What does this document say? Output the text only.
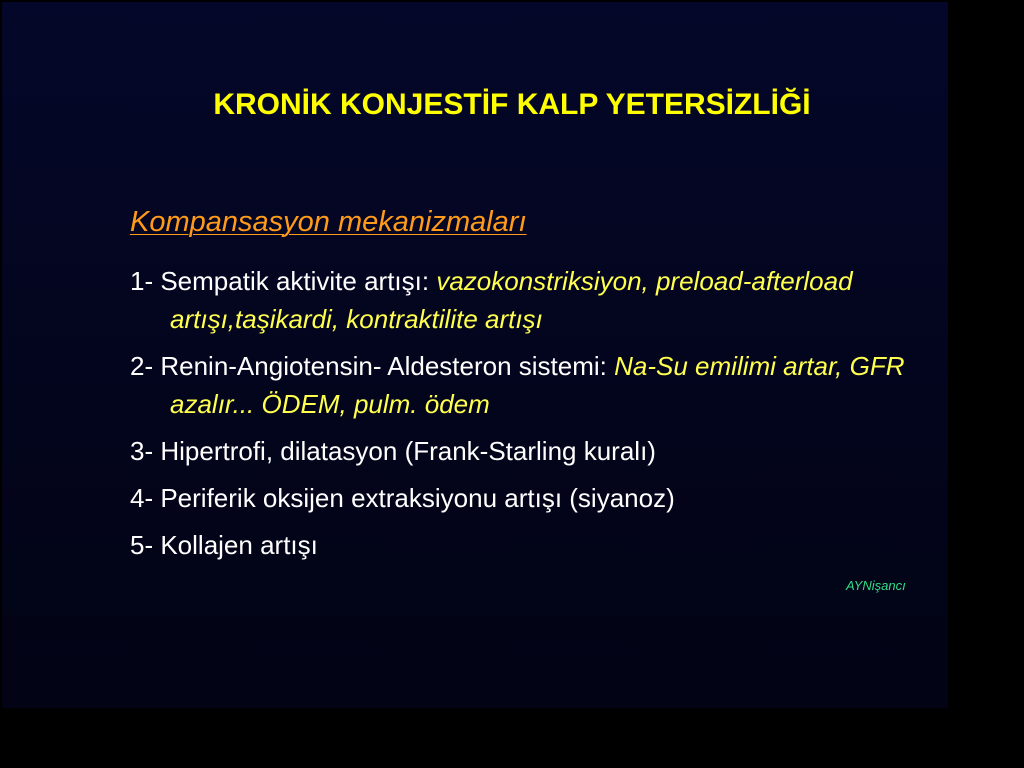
KRONİK KONJESTİF KALP YETERSİZLİĞİ
Kompansasyon mekanizmaları
1- Sempatik aktivite artışı: vazokonstriksiyon, preload-afterload artışı,taşikardi, kontraktilite artışı
2- Renin-Angiotensin- Aldesteron sistemi: Na-Su emilimi artar, GFR azalır... ÖDEM, pulm. ödem
3- Hipertrofi, dilatasyon (Frank-Starling kuralı)
4- Periferik oksijen extraksiyonu artışı (siyanoz)
5- Kollajen artışı
AYNişancı
